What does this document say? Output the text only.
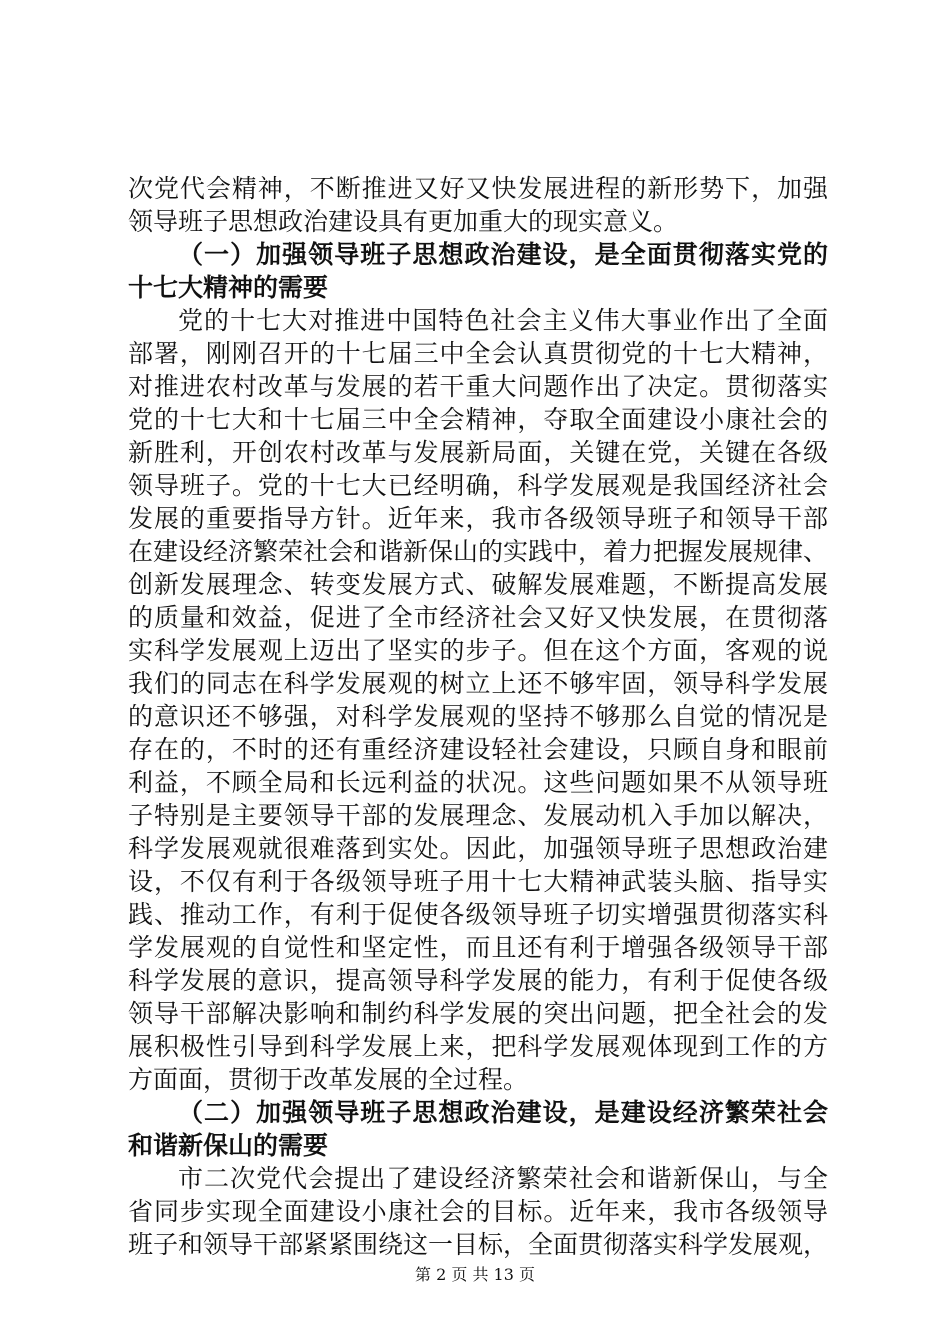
次党代会精神，不断推进又好又快发展进程的新形势下，加强
领导班子思想政治建设具有更加重大的现实意义。
（一）加强领导班子思想政治建设，是全面贯彻落实党的
十七大精神的需要
党的十七大对推进中国特色社会主义伟大事业作出了全面
部署，刚刚召开的十七届三中全会认真贯彻党的十七大精神，
对推进农村改革与发展的若干重大问题作出了决定。贯彻落实
党的十七大和十七届三中全会精神，夺取全面建设小康社会的
新胜利，开创农村改革与发展新局面，关键在党，关键在各级
领导班子。党的十七大已经明确，科学发展观是我国经济社会
发展的重要指导方针。近年来，我市各级领导班子和领导干部
在建设经济繁荣社会和谐新保山的实践中，着力把握发展规律、
创新发展理念、转变发展方式、破解发展难题，不断提高发展
的质量和效益，促进了全市经济社会又好又快发展，在贯彻落
实科学发展观上迈出了坚实的步子。但在这个方面，客观的说
我们的同志在科学发展观的树立上还不够牢固，领导科学发展
的意识还不够强，对科学发展观的坚持不够那么自觉的情况是
存在的，不时的还有重经济建设轻社会建设，只顾自身和眼前
利益，不顾全局和长远利益的状况。这些问题如果不从领导班
子特别是主要领导干部的发展理念、发展动机入手加以解决，
科学发展观就很难落到实处。因此，加强领导班子思想政治建
设，不仅有利于各级领导班子用十七大精神武装头脑、指导实
践、推动工作，有利于促使各级领导班子切实增强贯彻落实科
学发展观的自觉性和坚定性，而且还有利于增强各级领导干部
科学发展的意识，提高领导科学发展的能力，有利于促使各级
领导干部解决影响和制约科学发展的突出问题，把全社会的发
展积极性引导到科学发展上来，把科学发展观体现到工作的方
方面面，贯彻于改革发展的全过程。
（二）加强领导班子思想政治建设，是建设经济繁荣社会
和谐新保山的需要
市二次党代会提出了建设经济繁荣社会和谐新保山，与全
省同步实现全面建设小康社会的目标。近年来，我市各级领导
班子和领导干部紧紧围绕这一目标，全面贯彻落实科学发展观，
第 2 页 共 13 页
